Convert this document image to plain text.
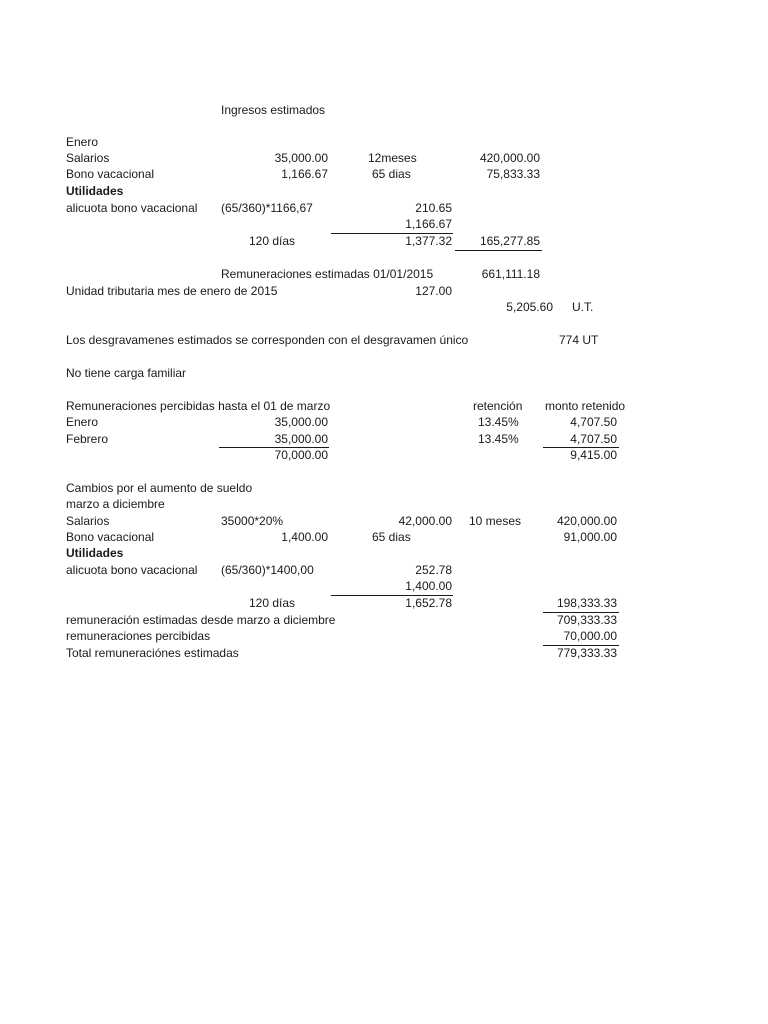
Ingresos estimados
Enero
Salarios	35,000.00	12meses	420,000.00
Bono vacacional	1,166.67	65 dias	75,833.33
Utilidades
alicuota bono vacacional (65/360)*1166,67	210.65
1,166.67
120 días	1,377.32	165,277.85
Remuneraciones estimadas 01/01/2015	661,111.18
Unidad tributaria mes de enero de 2015	127.00
5,205.60 U.T.
Los desgravamenes estimados se corresponden con el desgravamen único	774 UT
No tiene carga familiar
Remuneraciones percibidas hasta el 01 de marzo	retención monto retenido
Enero	35,000.00	13.45%	4,707.50
Febrero	35,000.00	13.45%	4,707.50
70,000.00	9,415.00
Cambios por el aumento de sueldo
marzo a diciembre
Salarios	35000*20%	42,000.00 10 meses	420,000.00
Bono vacacional	1,400.00	65 dias	91,000.00
Utilidades
alicuota bono vacacional (65/360)*1400,00	252.78
1,400.00
120 días	1,652.78	198,333.33
remuneración estimadas desde marzo a diciembre	709,333.33
remuneraciones percibidas	70,000.00
Total remuneraciónes estimadas	779,333.33
